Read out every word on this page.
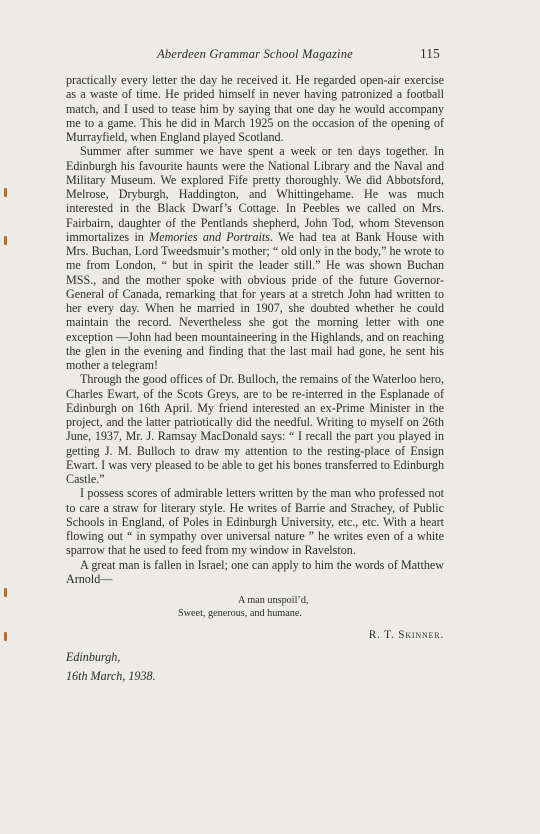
Aberdeen Grammar School Magazine	115

practically every letter the day he received it. He regarded open-air exercise as a waste of time. He prided himself in never having patronized a football match, and I used to tease him by saying that one day he would accompany me to a game. This he did in March 1925 on the occasion of the opening of Murrayfield, when England played Scotland.

Summer after summer we have spent a week or ten days together. In Edinburgh his favourite haunts were the National Library and the Naval and Military Museum. We explored Fife pretty thoroughly. We did Abbotsford, Melrose, Dryburgh, Haddington, and Whittingehame. He was much interested in the Black Dwarf’s Cottage. In Peebles we called on Mrs. Fairbairn, daughter of the Pentlands shepherd, John Tod, whom Stevenson immortalizes in Memories and Portraits. We had tea at Bank House with Mrs. Buchan, Lord Tweedsmuir’s mother; “ old only in the body,” he wrote to me from London, “ but in spirit the leader still.” He was shown Buchan MSS., and the mother spoke with obvious pride of the future Governor-General of Canada, remarking that for years at a stretch John had written to her every day. When he married in 1907, she doubted whether he could maintain the record. Nevertheless she got the morning letter with one exception —John had been mountaineering in the Highlands, and on reaching the glen in the evening and finding that the last mail had gone, he sent his mother a telegram!

Through the good offices of Dr. Bulloch, the remains of the Waterloo hero, Charles Ewart, of the Scots Greys, are to be re-interred in the Esplanade of Edinburgh on 16th April. My friend interested an ex-Prime Minister in the project, and the latter patriotically did the needful. Writing to myself on 26th June, 1937, Mr. J. Ramsay MacDonald says: “ I recall the part you played in getting J. M. Bulloch to draw my attention to the resting-place of Ensign Ewart. I was very pleased to be able to get his bones transferred to Edinburgh Castle.”

I possess scores of admirable letters written by the man who professed not to care a straw for literary style. He writes of Barrie and Strachey, of Public Schools in England, of Poles in Edinburgh University, etc., etc. With a heart flowing out “ in sympathy over universal nature ” he writes even of a white sparrow that he used to feed from my window in Ravelston.

A great man is fallen in Israel; one can apply to him the words of Matthew Arnold—

A man unspoil’d,
Sweet, generous, and humane.
R. T. Skinner.
Edinburgh,
16th March, 1938.
